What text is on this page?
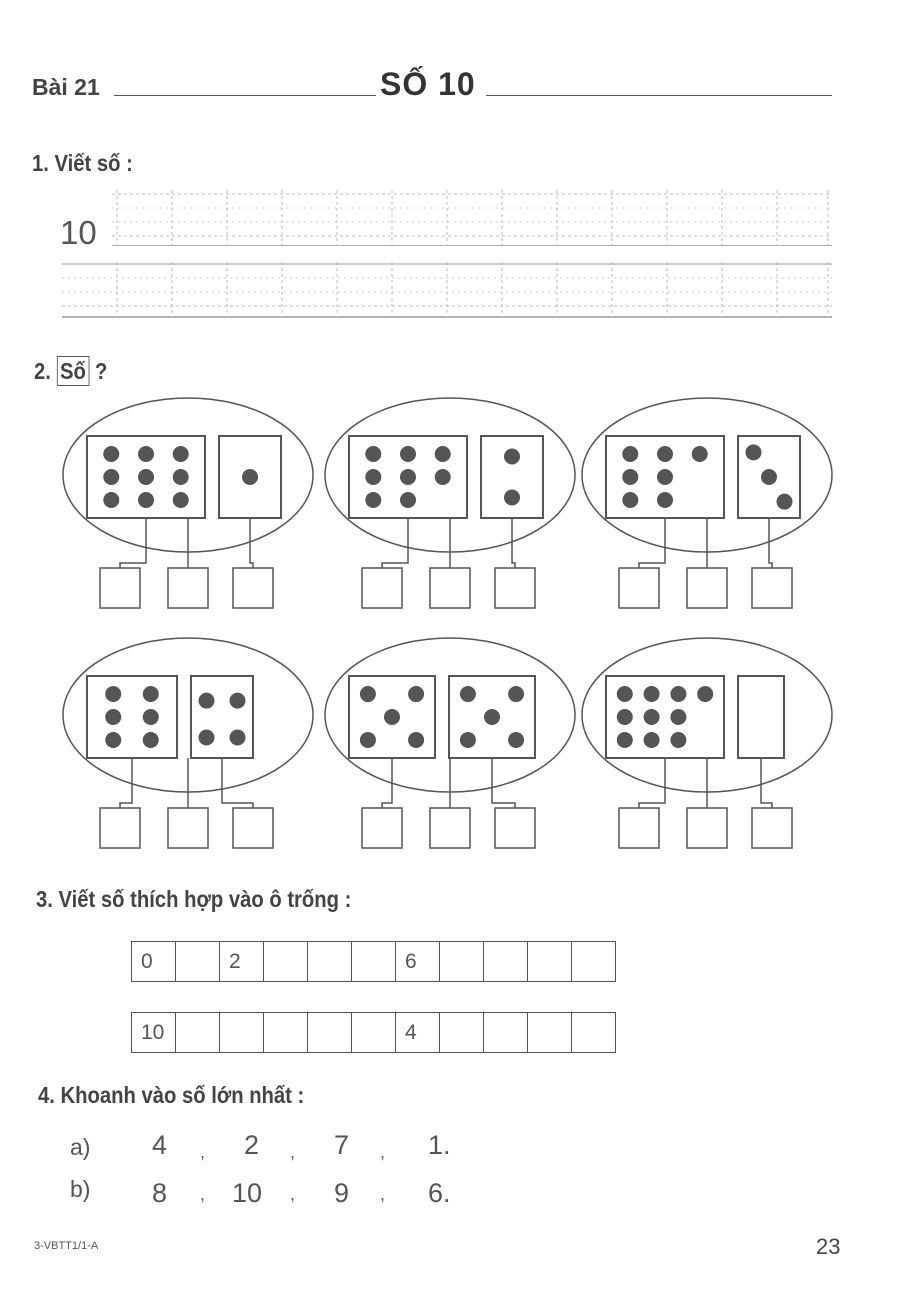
Bài 21	SỐ 10
1. Viết số :
10
2. Số ?
3. Viết số thích hợp vào ô trống :
0		2				6				
10						4				
4. Khoanh vào số lớn nhất :
a) 4 , 2 , 7 , 1.
b) 8 , 10 , 9 , 6.
3-VBTT1/1-A	23
